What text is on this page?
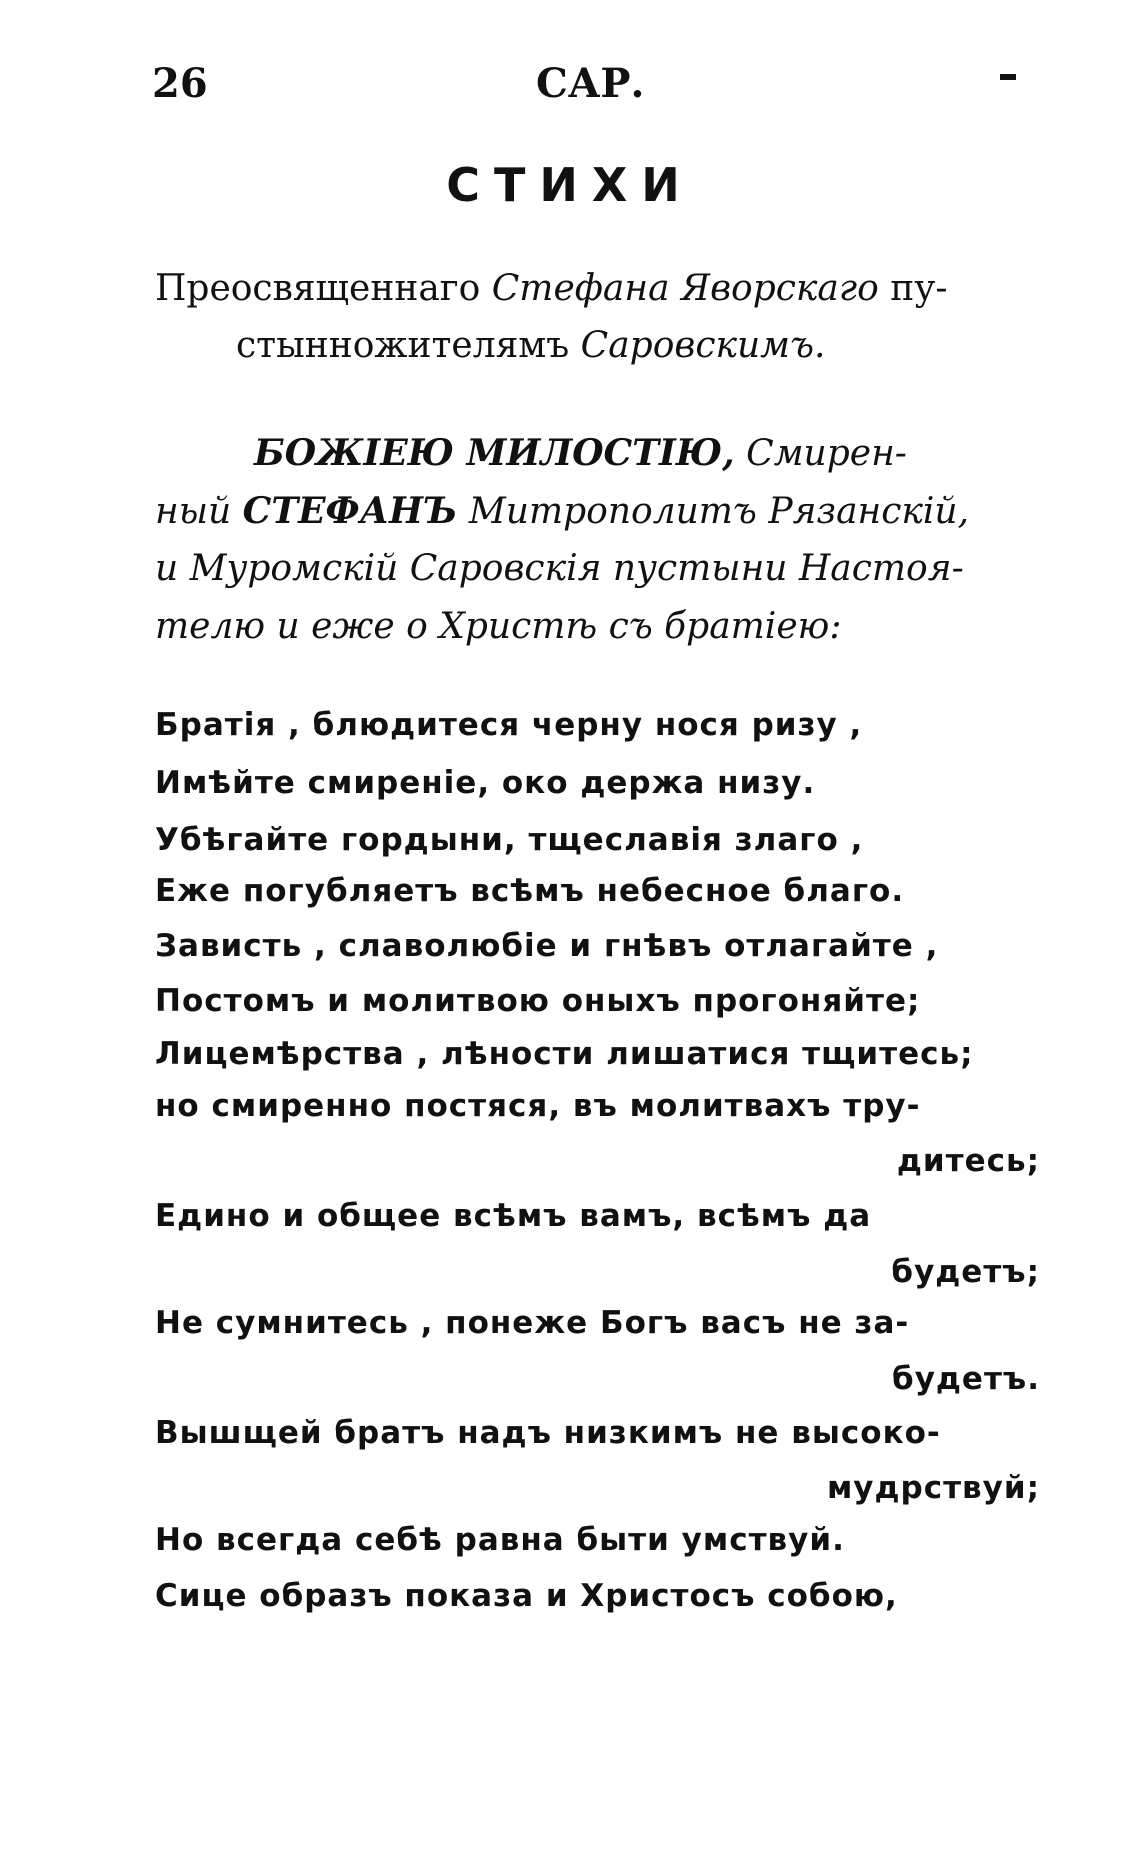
26	САР.
СТИХИ
Преосвященнаго Стефана Яворскаго пу-
стынножителямъ Саровскимъ.
БОЖІЕЮ МИЛОСТІЮ, Смирен-
ный СТЕФАНЪ Митрополитъ Рязанскій,
и Муромскій Саровскія пустыни Настоя-
телю и еже о Христѣ съ братіею:
Братія , блюдитеся черну нося ризу ,
Имѣйте смиреніе, око держа низу.
Убѣгайте гордыни, тщеславія злаго ,
Еже погубляетъ всѣмъ небесное благо.
Зависть , славолюбіе и гнѣвъ отлагайте ,
Постомъ и молитвою оныхъ прогоняйте;
Лицемѣрства , лѣности лишатися тщитесь;
но смиренно постяся, въ молитвахъ тру-
дитесь;
Едино и общее всѣмъ вамъ, всѣмъ да
будетъ;
Не сумнитесь , понеже Богъ васъ не за-
будетъ.
Вышщей братъ надъ низкимъ не высоко-
мудрствуй;
Но всегда себѣ равна быти умствуй.
Сице образъ показа и Христосъ собою,
